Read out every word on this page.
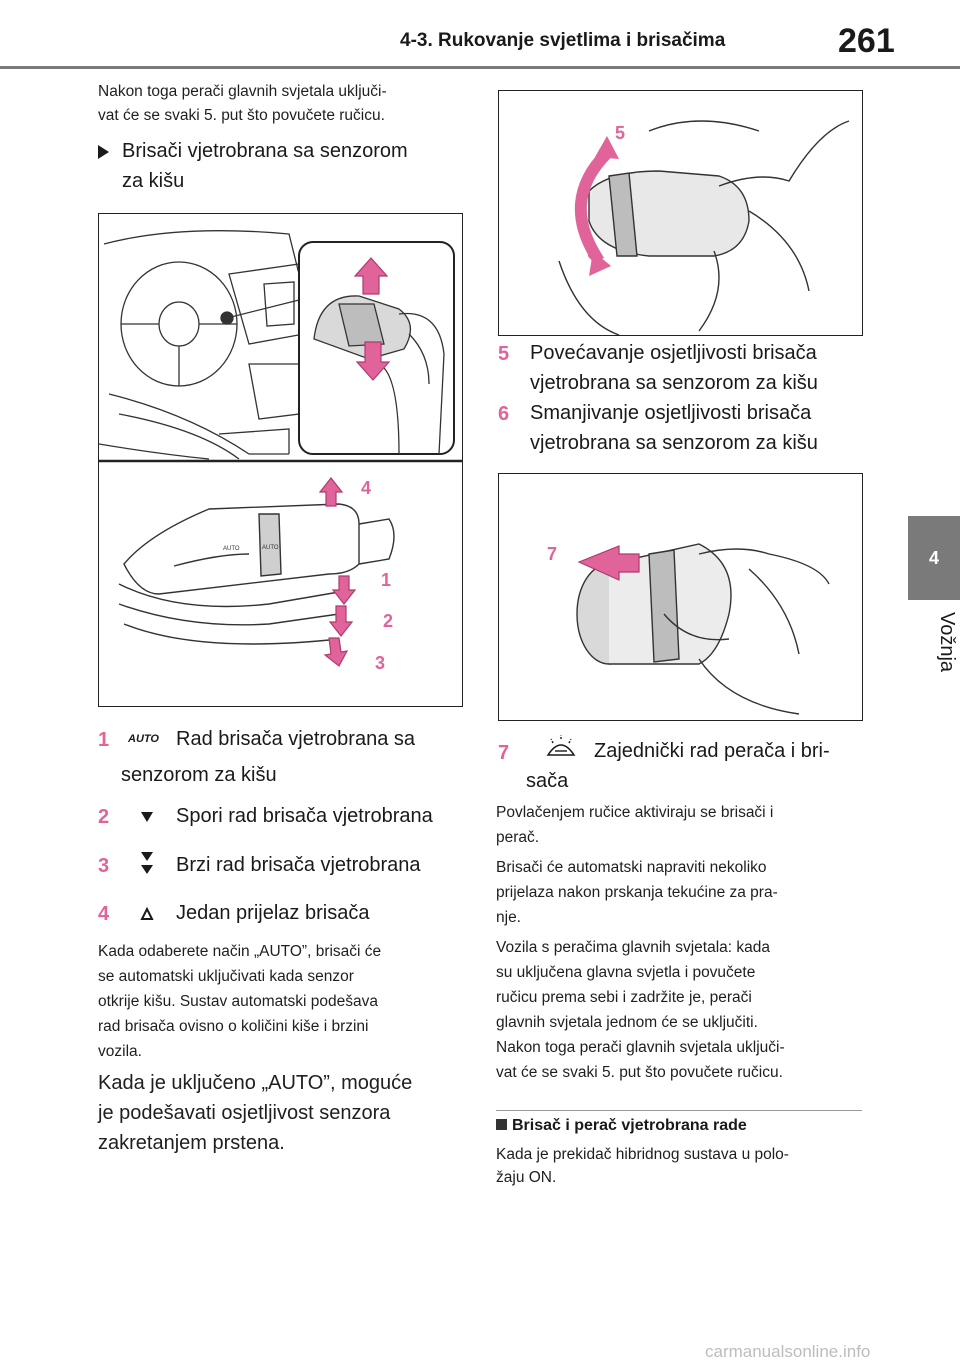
4-3. Rukovanje svjetlima i brisačima	261
4
Vožnja
Nakon toga perači glavnih svjetala uključi-
vat će se svaki 5. put što povučete ručicu.
Brisači vjetrobrana sa senzorom
za kišu
AUTO	AUTO
4
1
2
3
1 AUTO Rad brisača vjetrobrana sa
senzorom za kišu
2	Spori rad brisača vjetrobrana
3	Brzi rad brisača vjetrobrana
4	Jedan prijelaz brisača
Kada odaberete način „AUTO”, brisači će
se automatski uključivati kada senzor
otkrije kišu. Sustav automatski podešava
rad brisača ovisno o količini kiše i brzini
vozila.
Kada je uključeno „AUTO”, moguće
je podešavati osjetljivost senzora
zakretanjem prstena.
5
6
5 Povećavanje osjetljivosti brisača
vjetrobrana sa senzorom za kišu
6 Smanjivanje osjetljivosti brisača
vjetrobrana sa senzorom za kišu
7
7	Zajednički rad perača i bri-
sača
Povlačenjem ručice aktiviraju se brisači i
perač.
Brisači će automatski napraviti nekoliko
prijelaza nakon prskanja tekućine za pra-
nje.
Vozila s peračima glavnih svjetala: kada
su uključena glavna svjetla i povučete
ručicu prema sebi i zadržite je, perači
glavnih svjetala jednom će se uključiti.
Nakon toga perači glavnih svjetala uključi-
vat će se svaki 5. put što povučete ručicu.
Brisač i perač vjetrobrana rade
Kada je prekidač hibridnog sustava u polo-
žaju ON.
carmanualsonline.info
